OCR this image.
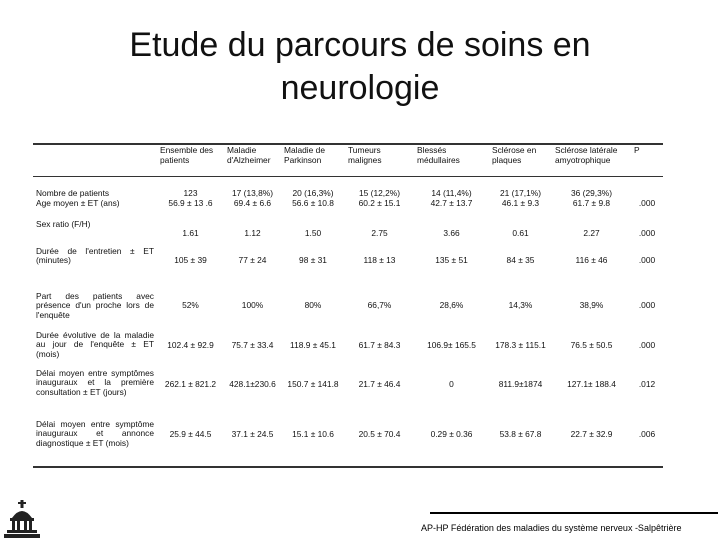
Etude du parcours de soins en
neurologie
	Ensemble des patients	Maladie d'Alzheimer	Maladie de Parkinson	Tumeurs malignes	Blessés médullaires	Sclérose en plaques	Sclérose latérale amyotrophique	P

Nombre de patients	123	17 (13,8%)	20 (16,3%)	15 (12,2%)	14 (11,4%)	21 (17,1%)	36 (29,3%)	
Age moyen ± ET (ans)	56.9 ± 13 .6	69.4 ± 6.6	56.6 ± 10.8	60.2 ± 15.1	42.7 ± 13.7	46.1 ± 9.3	61.7 ± 9.8	.000
Sex ratio (F/H)	1.61	1.12	1.50	2.75	3.66	0.61	2.27	.000
Durée de l'entretien ± ET (minutes)	105 ± 39	77 ± 24	98 ± 31	118 ± 13	135 ± 51	84 ± 35	116 ± 46	.000
Part des patients avec présence d'un proche lors de l'enquête	52%	100%	80%	66,7%	28,6%	14,3%	38,9%	.000
Durée évolutive de la maladie au jour de l'enquête ± ET (mois)	102.4 ± 92.9	75.7 ± 33.4	118.9 ± 45.1	61.7 ± 84.3	106.9± 165.5	178.3 ± 115.1	76.5 ± 50.5	.000
Délai moyen entre symptômes inauguraux et la première consultation ± ET (jours)	262.1 ± 821.2	428.1±230.6	150.7 ± 141.8	21.7 ± 46.4	0	811.9±1874	127.1± 188.4	.012
Délai moyen entre symptôme inauguraux et annonce diagnostique ± ET (mois)	25.9 ± 44.5	37.1 ± 24.5	15.1 ± 10.6	20.5 ± 70.4	0.29 ± 0.36	53.8 ± 67.8	22.7 ± 32.9	.006
AP-HP Fédération des maladies du système nerveux -Salpêtrière
